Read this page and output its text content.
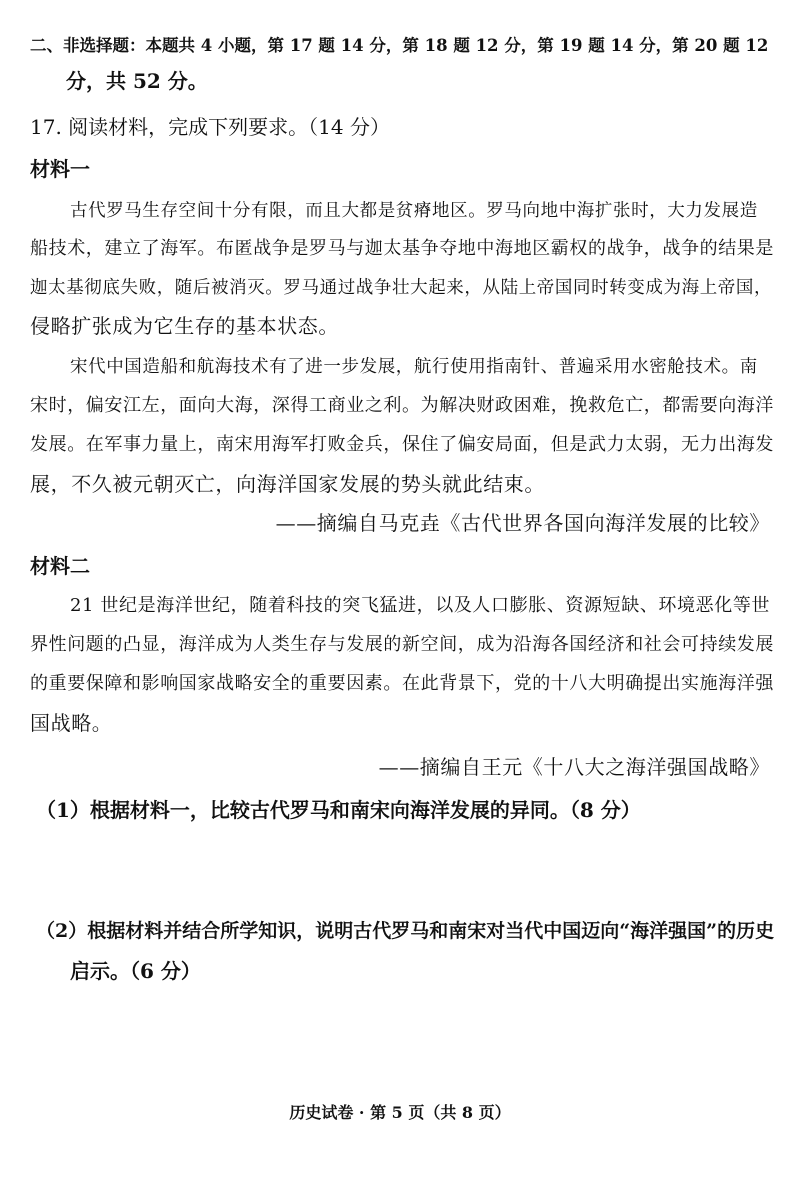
二、非选择题：本题共 4 小题，第 17 题 14 分，第 18 题 12 分，第 19 题 14 分，第 20 题 12
分，共 52 分。
17. 阅读材料，完成下列要求。（14 分）
材料一
古代罗马生存空间十分有限，而且大都是贫瘠地区。罗马向地中海扩张时，大力发展造
船技术，建立了海军。布匿战争是罗马与迦太基争夺地中海地区霸权的战争，战争的结果是
迦太基彻底失败，随后被消灭。罗马通过战争壮大起来，从陆上帝国同时转变成为海上帝国，
侵略扩张成为它生存的基本状态。
宋代中国造船和航海技术有了进一步发展，航行使用指南针、普遍采用水密舱技术。南
宋时，偏安江左，面向大海，深得工商业之利。为解决财政困难，挽救危亡，都需要向海洋
发展。在军事力量上，南宋用海军打败金兵，保住了偏安局面，但是武力太弱，无力出海发
展，不久被元朝灭亡，向海洋国家发展的势头就此结束。
——摘编自马克垚《古代世界各国向海洋发展的比较》
材料二
21 世纪是海洋世纪，随着科技的突飞猛进，以及人口膨胀、资源短缺、环境恶化等世
界性问题的凸显，海洋成为人类生存与发展的新空间，成为沿海各国经济和社会可持续发展
的重要保障和影响国家战略安全的重要因素。在此背景下，党的十八大明确提出实施海洋强
国战略。
——摘编自王元《十八大之海洋强国战略》
（1）根据材料一，比较古代罗马和南宋向海洋发展的异同。（8 分）
（2）根据材料并结合所学知识，说明古代罗马和南宋对当代中国迈向“海洋强国”的历史
启示。（6 分）
历史试卷 · 第 5 页（共 8 页）
